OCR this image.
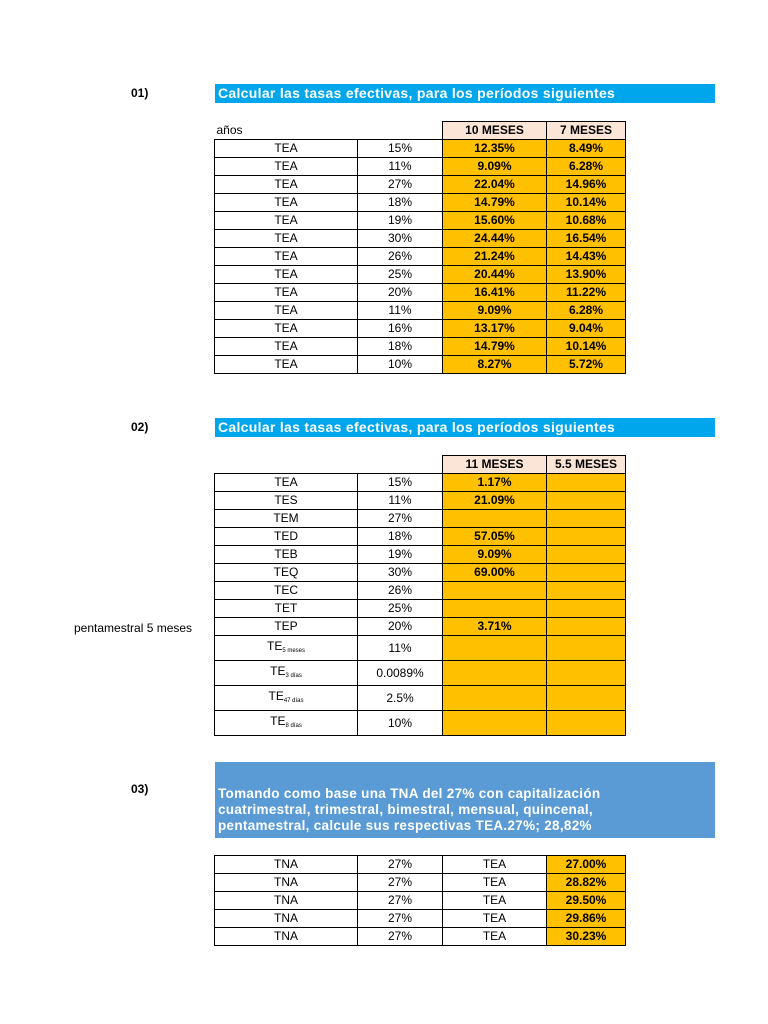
01)	Calcular las tasas efectivas, para los períodos siguientes
años		10 MESES	7 MESES
TEA	15%	12.35%	8.49%
TEA	11%	9.09%	6.28%
TEA	27%	22.04%	14.96%
TEA	18%	14.79%	10.14%
TEA	19%	15.60%	10.68%
TEA	30%	24.44%	16.54%
TEA	26%	21.24%	14.43%
TEA	25%	20.44%	13.90%
TEA	20%	16.41%	11.22%
TEA	11%	9.09%	6.28%
TEA	16%	13.17%	9.04%
TEA	18%	14.79%	10.14%
TEA	10%	8.27%	5.72%
02)	Calcular las tasas efectivas, para los períodos siguientes
pentamestral 5 meses
		11 MESES	5.5 MESES
TEA	15%	1.17%	
TES	11%	21.09%	
TEM	27%		
TED	18%	57.05%	
TEB	19%	9.09%	
TEQ	30%	69.00%	
TEC	26%		
TET	25%		
TEP	20%	3.71%	
TE5 meses	11%		
TE3 días	0.0089%		
TE47 días	2.5%		
TE8 días	10%		
03)	Tomando como base una TNA del 27% con capitalización
cuatrimestral, trimestral, bimestral, mensual, quincenal,
pentamestral, calcule sus respectivas TEA.27%; 28,82%
TNA	27%	TEA	27.00%
TNA	27%	TEA	28.82%
TNA	27%	TEA	29.50%
TNA	27%	TEA	29.86%
TNA	27%	TEA	30.23%
